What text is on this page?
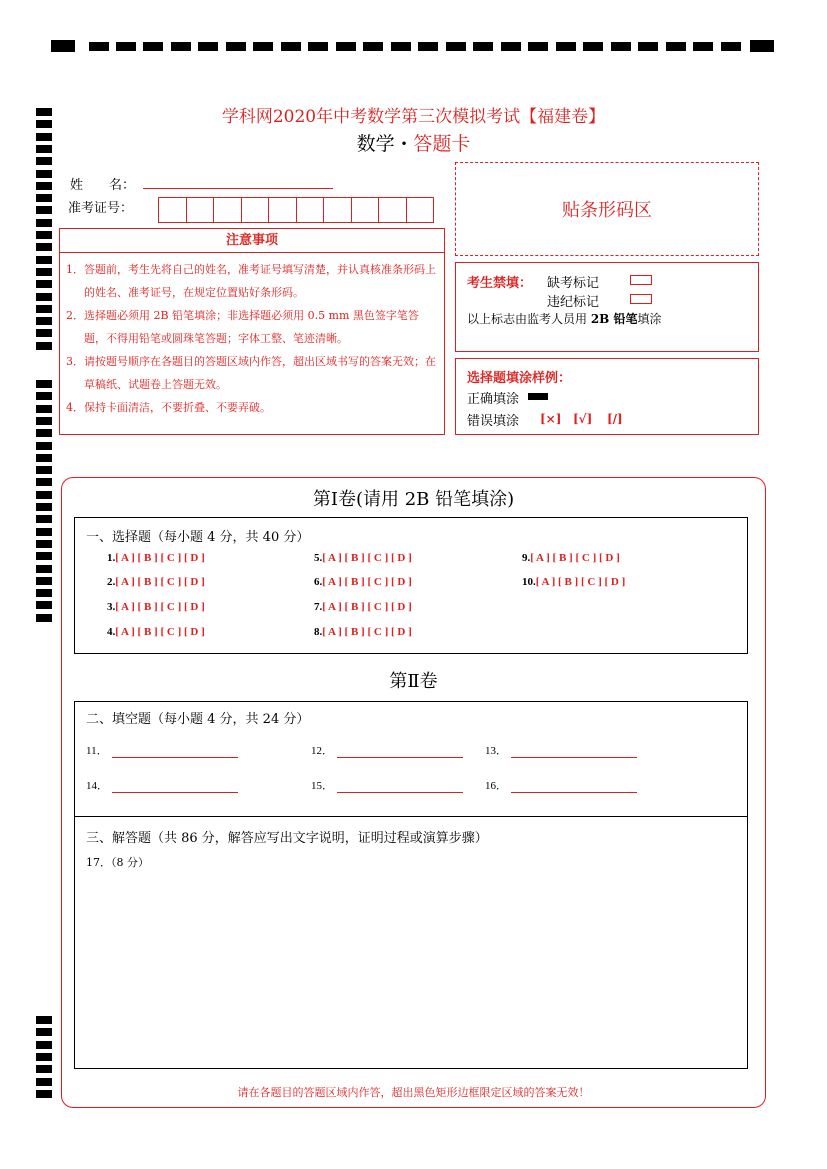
学科网2020年中考数学第三次模拟考试【福建卷】
数学 · 答题卡
姓　　名：
准考证号：	贴条形码区
注意事项
1．答题前，考生先将自己的姓名，准考证号填写清楚，并认真核准条形码上的姓名、准考证号，在规定位置贴好条形码。
2．选择题必须用 2B 铅笔填涂；非选择题必须用 0.5 mm 黑色签字笔答题，不得用铅笔或圆珠笔答题；字体工整、笔迹清晰。
3．请按题号顺序在各题目的答题区域内作答，超出区域书写的答案无效；在草稿纸、试题卷上答题无效。
4．保持卡面清洁，不要折叠、不要弄破。
考生禁填： 缺考标记
违纪标记
以上标志由监考人员用 2B 铅笔填涂
选择题填涂样例：
正确填涂
错误填涂 [×] [√] [/]
第Ⅰ卷(请用 2B 铅笔填涂)
一、选择题（每小题 4 分，共 40 分）
1.[ A ] [ B ] [ C ] [ D ]
2.[ A ] [ B ] [ C ] [ D ]
3.[ A ] [ B ] [ C ] [ D ]
4.[ A ] [ B ] [ C ] [ D ]
5.[ A ] [ B ] [ C ] [ D ]
6.[ A ] [ B ] [ C ] [ D ]
7.[ A ] [ B ] [ C ] [ D ]
8.[ A ] [ B ] [ C ] [ D ]
9.[ A ] [ B ] [ C ] [ D ]
10.[ A ] [ B ] [ C ] [ D ]
第Ⅱ卷
二、填空题（每小题 4 分，共 24 分）
11．	12．	13．
14．	15．	16．
三、解答题（共 86 分，解答应写出文字说明，证明过程或演算步骤）
17．（8 分）
请在各题目的答题区域内作答，超出黑色矩形边框限定区域的答案无效！
